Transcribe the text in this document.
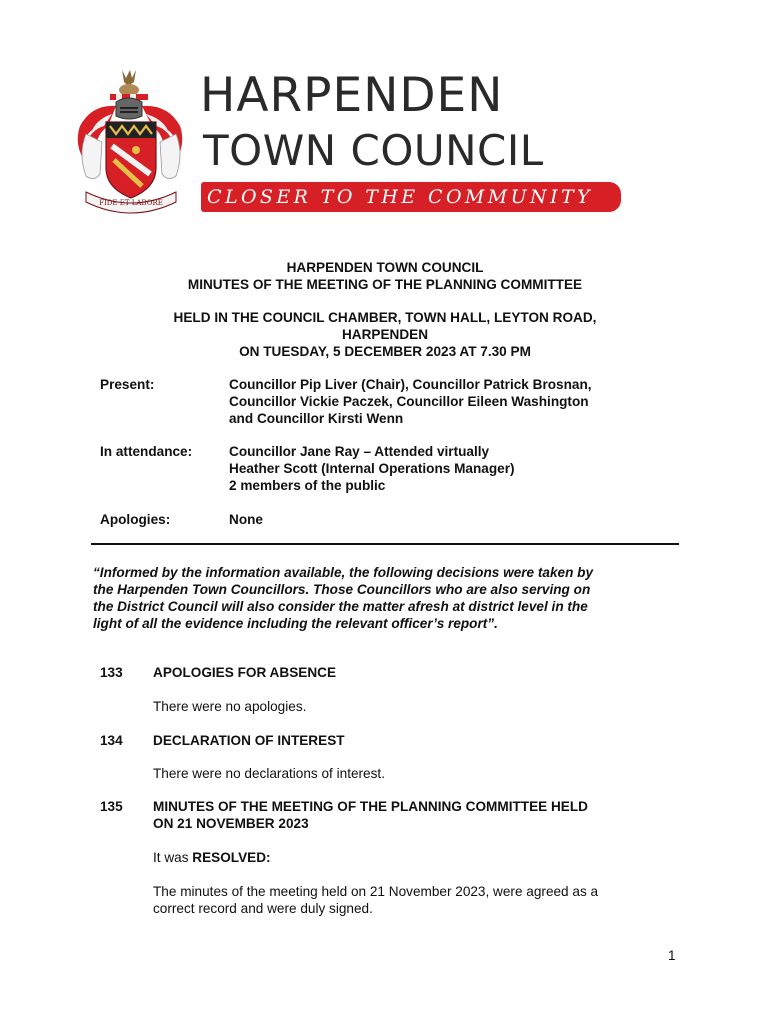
FIDE ET LABORE
HARPENDEN
TOWN COUNCIL
CLOSER TO THE COMMUNITY
HARPENDEN TOWN COUNCIL
MINUTES OF THE MEETING OF THE PLANNING COMMITTEE
HELD IN THE COUNCIL CHAMBER, TOWN HALL, LEYTON ROAD,
HARPENDEN
ON TUESDAY, 5 DECEMBER 2023 AT 7.30 PM
Present:	Councillor Pip Liver (Chair), Councillor Patrick Brosnan,
Councillor Vickie Paczek, Councillor Eileen Washington
and Councillor Kirsti Wenn
In attendance:	Councillor Jane Ray – Attended virtually
Heather Scott (Internal Operations Manager)
2 members of the public
Apologies:	None
“Informed by the information available, the following decisions were taken by
the Harpenden Town Councillors. Those Councillors who are also serving on
the District Council will also consider the matter afresh at district level in the
light of all the evidence including the relevant officer’s report”.
133 APOLOGIES FOR ABSENCE
There were no apologies.
134 DECLARATION OF INTEREST
There were no declarations of interest.
135 MINUTES OF THE MEETING OF THE PLANNING COMMITTEE HELD
ON 21 NOVEMBER 2023
It was RESOLVED:
The minutes of the meeting held on 21 November 2023, were agreed as a
correct record and were duly signed.
1
